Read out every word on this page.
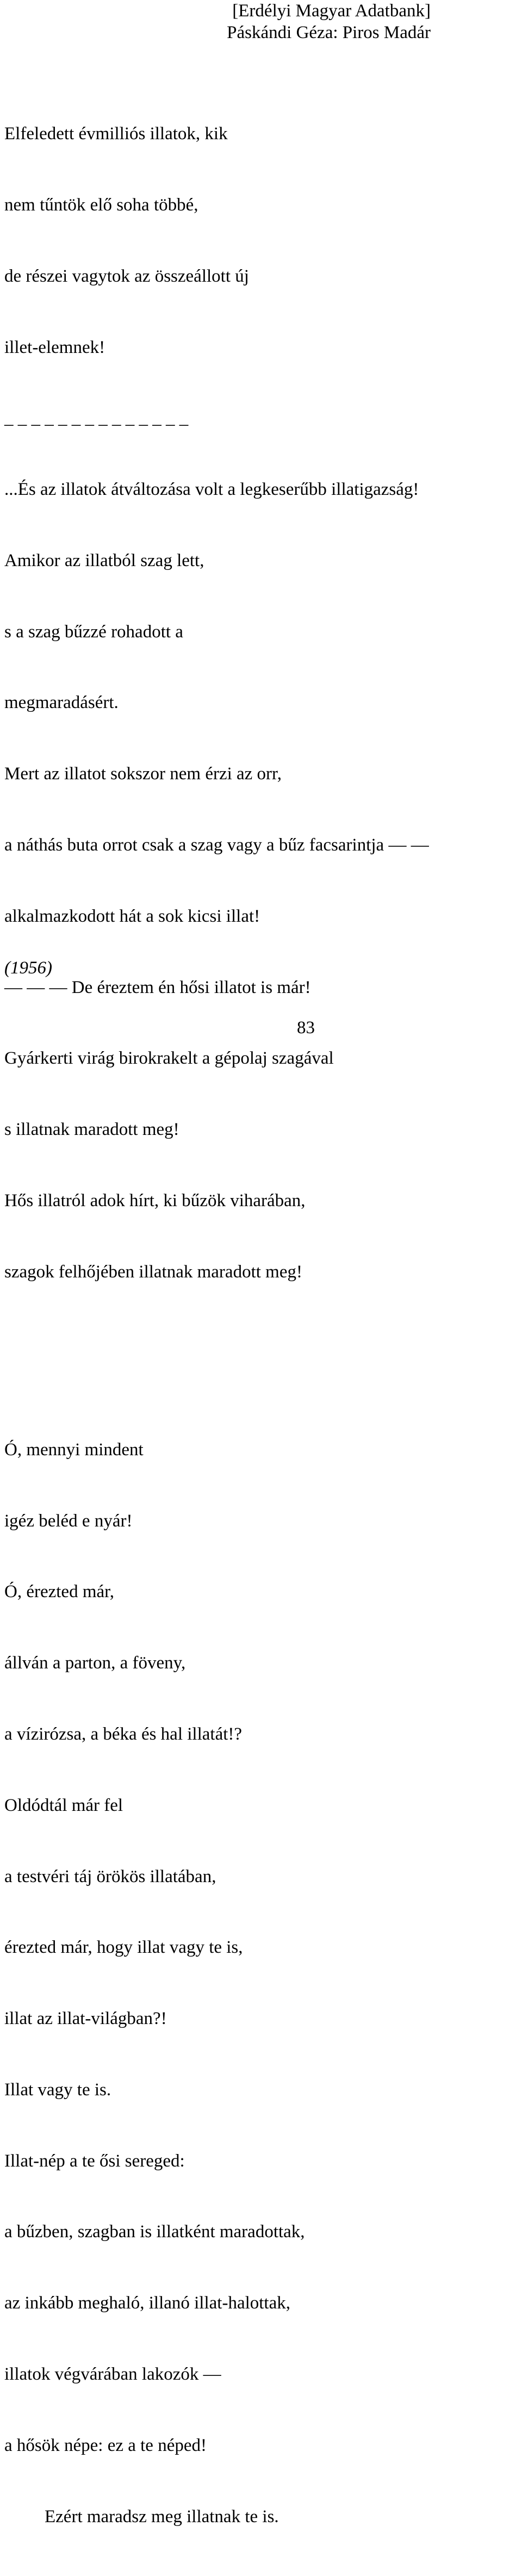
[Erdélyi Magyar Adatbank]
Páskándi Géza: Piros Madár

Elfeledett évmilliós illatok, kik

nem tűntök elő soha többé,

de részei vagytok az összeállott új

illet-elemnek!

_ _ _ _ _ _ _ _ _ _ _ _ _ _

...És az illatok átváltozása volt a legkeserűbb illatigazság!

Amikor az illatból szag lett,

s a szag bűzzé rohadott a

megmaradásért.

Mert az illatot sokszor nem érzi az orr,

a náthás buta orrot csak a szag vagy a bűz facsarintja — —

alkalmazkodott hát a sok kicsi illat!

— — — De éreztem én hősi illatot is már!

Gyárkerti virág birokrakelt a gépolaj szagával

s illatnak maradott meg!

Hős illatról adok hírt, ki bűzök viharában,

szagok felhőjében illatnak maradott meg!

Ó, mennyi mindent

igéz beléd e nyár!

Ó, érezted már,

állván a parton, a föveny,

a vízirózsa, a béka és hal illatát!?

Oldódtál már fel

a testvéri táj örökös illatában,

érezted már, hogy illat vagy te is,

illat az illat-világban?!

Illat vagy te is.

Illat-nép a te ősi sereged:

a bűzben, szagban is illatként maradottak,

az inkább meghaló, illanó illat-halottak,

illatok végvárában lakozók —

a hősök népe: ez a te néped!

Ezért maradsz meg illatnak te is.

(1956)
83
